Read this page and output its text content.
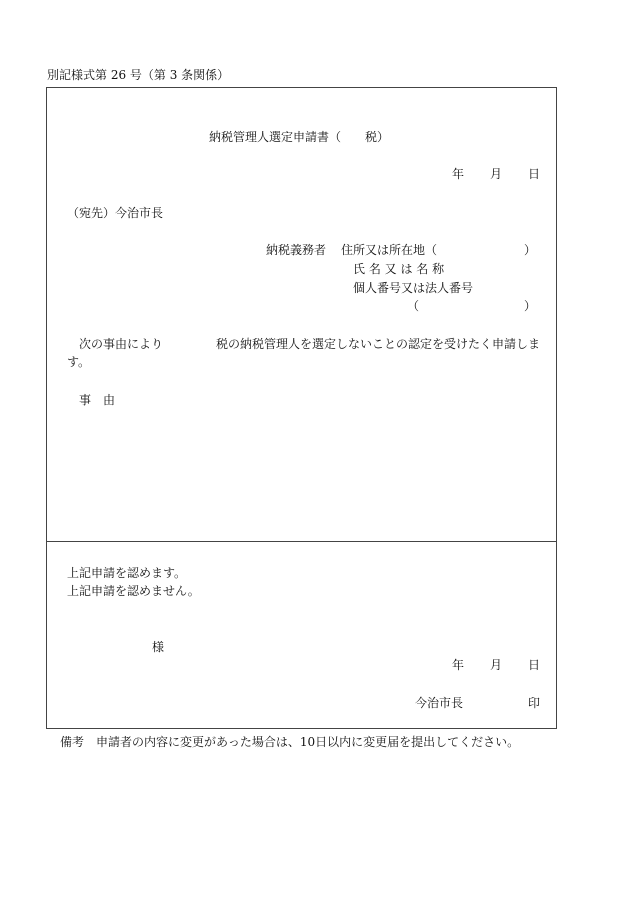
別記様式第 26 号（第 3 条関係）
納税管理人選定申請書（　　税）
年 月 日
（宛先）今治市長
納税義務者 住所又は所在地（	）
氏 名 又 は 名 称
個人番号又は法人番号
（	）
次の事由により	税の納税管理人を選定しないことの認定を受けたく申請しま
す。
事　由
上記申請を認めます。
上記申請を認めません。
様
年 月 日
今治市長	印
備考　申請者の内容に変更があった場合は、10日以内に変更届を提出してください。
